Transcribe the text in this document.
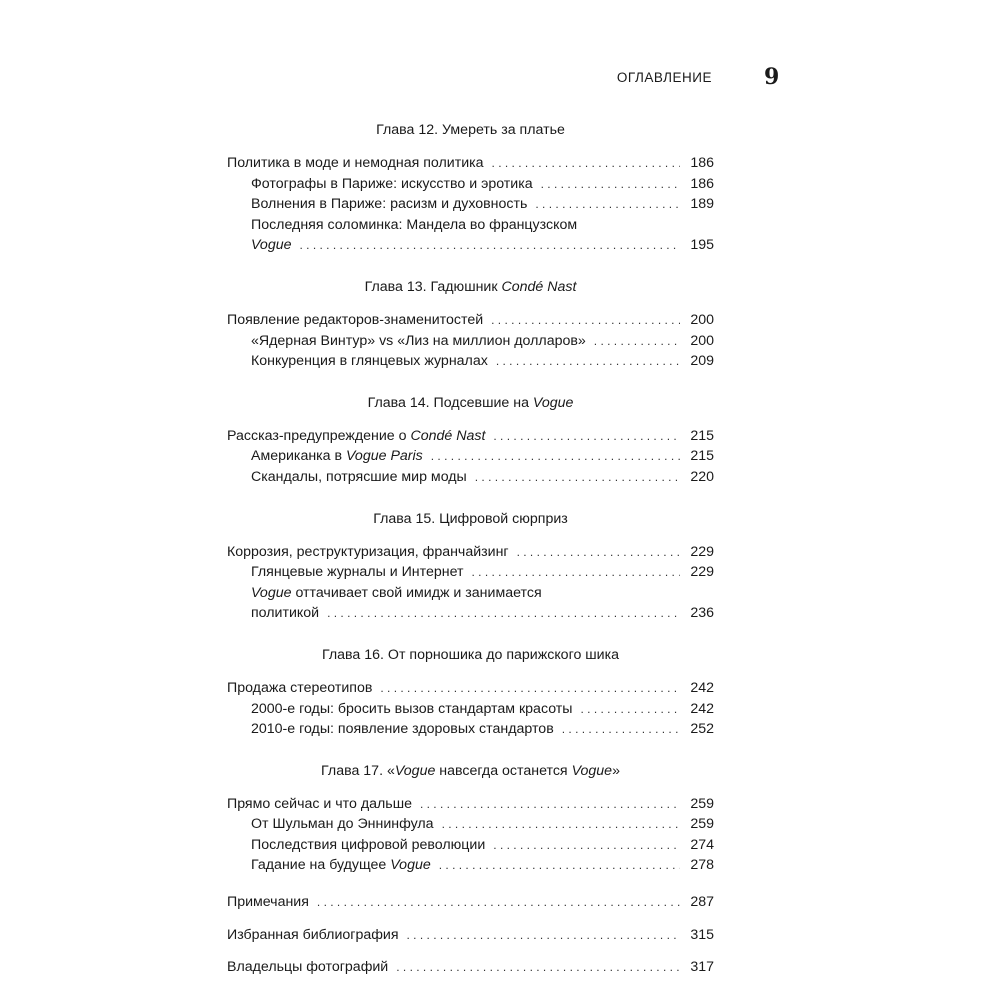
ОГЛАВЛЕНИЕ 9
Глава 12. Умереть за платье
Политика в моде и немодная политика . . .	186
Фотографы в Париже: искусство и эротика . . .	186
Волнения в Париже: расизм и духовность . . .	189
Последняя соломинка: Мандела во французском
Vogue . . .	195
Глава 13. Гадюшник Condé Nast
Появление редакторов-знаменитостей . . .	200
«Ядерная Винтур» vs «Лиз на миллион долларов» . . .	200
Конкуренция в глянцевых журналах . . .	209
Глава 14. Подсевшие на Vogue
Рассказ-предупреждение о Condé Nast . . .	215
Американка в Vogue Paris . . .	215
Скандалы, потрясшие мир моды . . .	220
Глава 15. Цифровой сюрприз
Коррозия, реструктуризация, франчайзинг . . .	229
Глянцевые журналы и Интернет . . .	229
Vogue оттачивает свой имидж и занимается
политикой . . .	236
Глава 16. От порношика до парижского шика
Продажа стереотипов . . .	242
2000-е годы: бросить вызов стандартам красоты . . .	242
2010-е годы: появление здоровых стандартов . . .	252
Глава 17. «Vogue навсегда останется Vogue»
Прямо сейчас и что дальше . . .	259
От Шульман до Эннинфула . . .	259
Последствия цифровой революции . . .	274
Гадание на будущее Vogue . . .	278
Примечания . . .	287
Избранная библиография . . .	315
Владельцы фотографий . . .	317
